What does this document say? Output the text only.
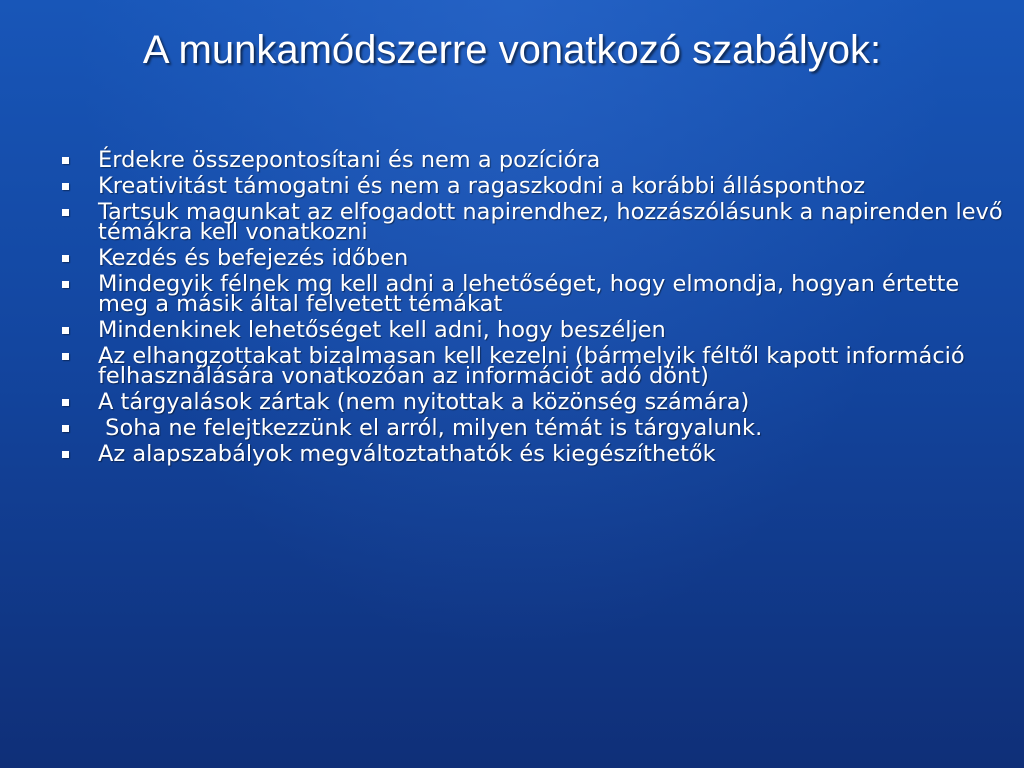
A munkamódszerre vonatkozó szabályok:
Érdekre összepontosítani és nem a pozícióra
Kreativitást támogatni és nem a ragaszkodni a korábbi állásponthoz
Tartsuk magunkat az elfogadott napirendhez, hozzászólásunk a napirenden levő témákra kell vonatkozni
Kezdés és befejezés időben
Mindegyik félnek mg kell adni a lehetőséget, hogy elmondja, hogyan értette meg a másik által felvetett témákat
Mindenkinek lehetőséget kell adni, hogy beszéljen
Az elhangzottakat bizalmasan kell kezelni (bármelyik féltől kapott információ felhasználására vonatkozóan az információt adó dönt)
A tárgyalások zártak (nem nyitottak a közönség számára)
Soha ne felejtkezzünk el arról, milyen témát is tárgyalunk.
Az alapszabályok megváltoztathatók és kiegészíthetők
